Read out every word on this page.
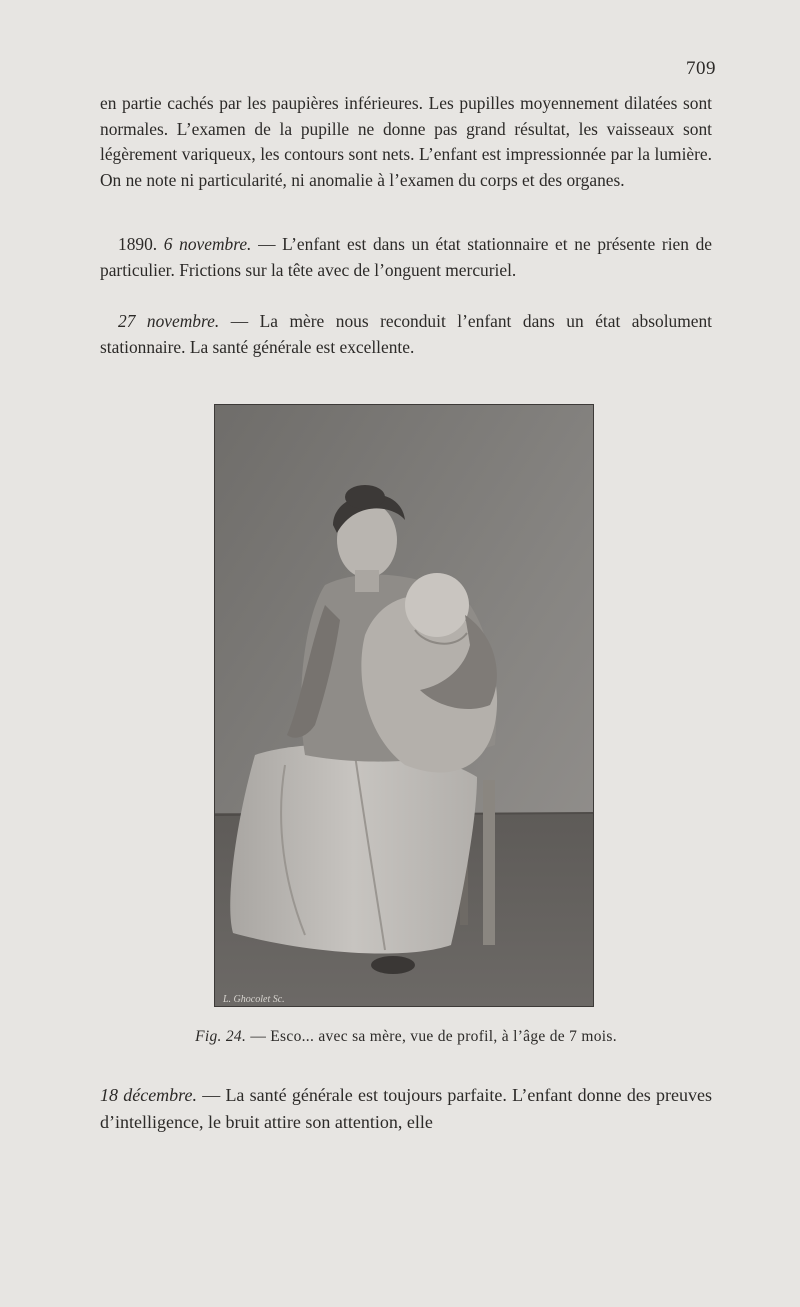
709
en partie cachés par les paupières inférieures. Les pupilles moyennement dilatées sont normales. L’examen de la pupille ne donne pas grand résultat, les vaisseaux sont légèrement variqueux, les contours sont nets. L’enfant est impressionnée par la lumière. On ne note ni particularité, ni anomalie à l’examen du corps et des organes.
1890. 6 novembre. — L’enfant est dans un état stationnaire et ne présente rien de particulier. Frictions sur la tête avec de l’onguent mercuriel.
27 novembre. — La mère nous reconduit l’enfant dans un état absolument stationnaire. La santé générale est excellente.
L. Ghocolet Sc.
Fig. 24. — Esco... avec sa mère, vue de profil, à l’âge de 7 mois.
18 décembre. — La santé générale est toujours parfaite. L’enfant donne des preuves d’intelligence, le bruit attire son attention, elle
